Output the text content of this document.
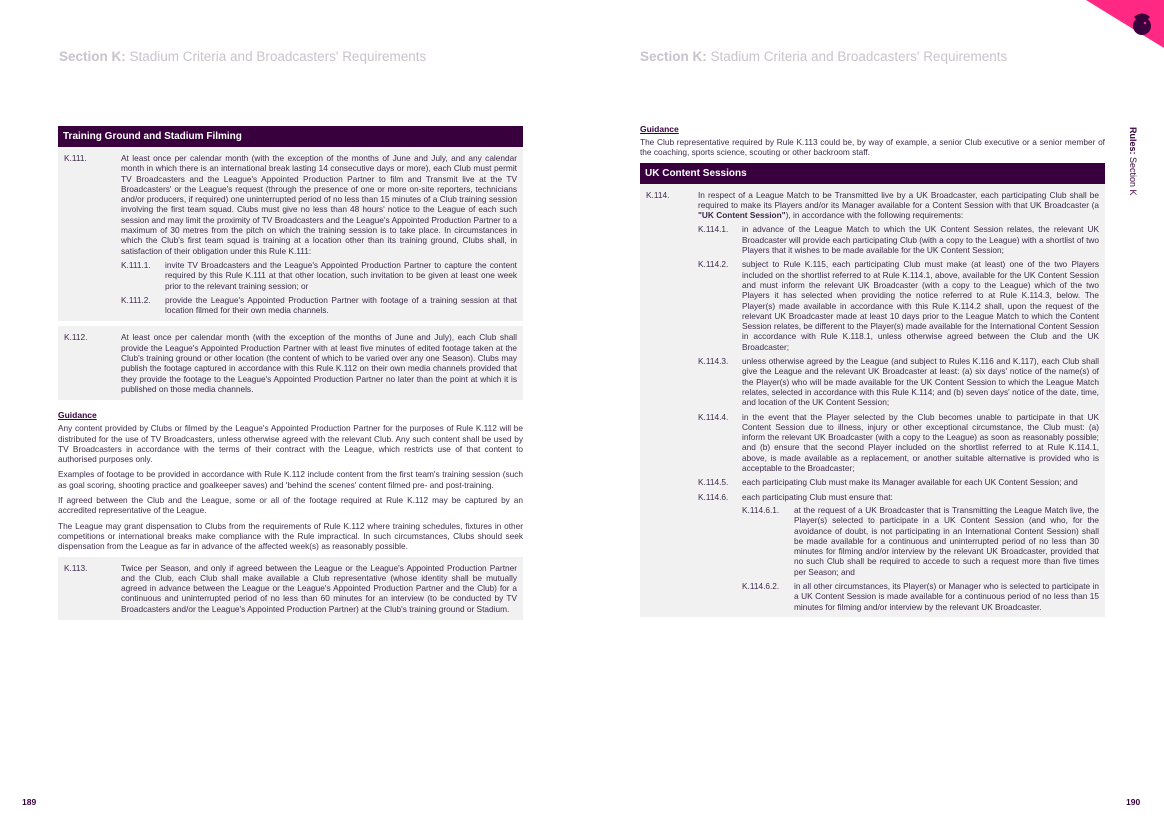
Section K: Stadium Criteria and Broadcasters' Requirements
Training Ground and Stadium Filming
K.111.	At least once per calendar month (with the exception of the months of June and July, and any calendar month in which there is an international break lasting 14 consecutive days or more), each Club must permit TV Broadcasters and the League's Appointed Production Partner to film and Transmit live at the TV Broadcasters' or the League's request (through the presence of one or more on-site reporters, technicians and/or producers, if required) one uninterrupted period of no less than 15 minutes of a Club training session involving the first team squad. Clubs must give no less than 48 hours' notice to the League of each such session and may limit the proximity of TV Broadcasters and the League's Appointed Production Partner to a maximum of 30 metres from the pitch on which the training session is to take place. In circumstances in which the Club's first team squad is training at a location other than its training ground, Clubs shall, in satisfaction of their obligation under this Rule K.111:
K.111.1.	invite TV Broadcasters and the League's Appointed Production Partner to capture the content required by this Rule K.111 at that other location, such invitation to be given at least one week prior to the relevant training session; or
K.111.2.	provide the League's Appointed Production Partner with footage of a training session at that location filmed for their own media channels.
K.112.	At least once per calendar month (with the exception of the months of June and July), each Club shall provide the League's Appointed Production Partner with at least five minutes of edited footage taken at the Club's training ground or other location (the content of which to be varied over any one Season). Clubs may publish the footage captured in accordance with this Rule K.112 on their own media channels provided that they provide the footage to the League's Appointed Production Partner no later than the point at which it is published on those media channels.
Guidance

Any content provided by Clubs or filmed by the League's Appointed Production Partner for the purposes of Rule K.112 will be distributed for the use of TV Broadcasters, unless otherwise agreed with the relevant Club. Any such content shall be used by TV Broadcasters in accordance with the terms of their contract with the League, which restricts use of that content to authorised purposes only.

Examples of footage to be provided in accordance with Rule K.112 include content from the first team's training session (such as goal scoring, shooting practice and goalkeeper saves) and 'behind the scenes' content filmed pre- and post-training.

If agreed between the Club and the League, some or all of the footage required at Rule K.112 may be captured by an accredited representative of the League.

The League may grant dispensation to Clubs from the requirements of Rule K.112 where training schedules, fixtures in other competitions or international breaks make compliance with the Rule impractical. In such circumstances, Clubs should seek dispensation from the League as far in advance of the affected week(s) as reasonably possible.

K.113.	Twice per Season, and only if agreed between the League or the League's Appointed Production Partner and the Club, each Club shall make available a Club representative (whose identity shall be mutually agreed in advance between the League or the League's Appointed Production Partner and the Club) for a continuous and uninterrupted period of no less than 60 minutes for an interview (to be conducted by TV Broadcasters and/or the League's Appointed Production Partner) at the Club's training ground or Stadium.
189
Section K: Stadium Criteria and Broadcasters' Requirements
Guidance

The Club representative required by Rule K.113 could be, by way of example, a senior Club executive or a senior member of the coaching, sports science, scouting or other backroom staff.

UK Content Sessions
K.114.	In respect of a League Match to be Transmitted live by a UK Broadcaster, each participating Club shall be required to make its Players and/or its Manager available for a Content Session with that UK Broadcaster (a "UK Content Session"), in accordance with the following requirements:
K.114.1.	in advance of the League Match to which the UK Content Session relates, the relevant UK Broadcaster will provide each participating Club (with a copy to the League) with a shortlist of two Players that it wishes to be made available for the UK Content Session;
K.114.2.	subject to Rule K.115, each participating Club must make (at least) one of the two Players included on the shortlist referred to at Rule K.114.1, above, available for the UK Content Session and must inform the relevant UK Broadcaster (with a copy to the League) which of the two Players it has selected when providing the notice referred to at Rule K.114.3, below. The Player(s) made available in accordance with this Rule K.114.2 shall, upon the request of the relevant UK Broadcaster made at least 10 days prior to the League Match to which the Content Session relates, be different to the Player(s) made available for the International Content Session in accordance with Rule K.118.1, unless otherwise agreed between the Club and the UK Broadcaster;
K.114.3.	unless otherwise agreed by the League (and subject to Rules K.116 and K.117), each Club shall give the League and the relevant UK Broadcaster at least: (a) six days' notice of the name(s) of the Player(s) who will be made available for the UK Content Session to which the League Match relates, selected in accordance with this Rule K.114; and (b) seven days' notice of the date, time, and location of the UK Content Session;
K.114.4.	in the event that the Player selected by the Club becomes unable to participate in that UK Content Session due to illness, injury or other exceptional circumstance, the Club must: (a) inform the relevant UK Broadcaster (with a copy to the League) as soon as reasonably possible; and (b) ensure that the second Player included on the shortlist referred to at Rule K.114.1, above, is made available as a replacement, or another suitable alternative is provided who is acceptable to the Broadcaster;
K.114.5.	each participating Club must make its Manager available for each UK Content Session; and
K.114.6.	each participating Club must ensure that:
K.114.6.1.	at the request of a UK Broadcaster that is Transmitting the League Match live, the Player(s) selected to participate in a UK Content Session (and who, for the avoidance of doubt, is not participating in an International Content Session) shall be made available for a continuous and uninterrupted period of no less than 30 minutes for filming and/or interview by the relevant UK Broadcaster, provided that no such Club shall be required to accede to such a request more than five times per Season; and
K.114.6.2.	in all other circumstances, its Player(s) or Manager who is selected to participate in a UK Content Session is made available for a continuous period of no less than 15 minutes for filming and/or interview by the relevant UK Broadcaster.
190
Rules: Section K
